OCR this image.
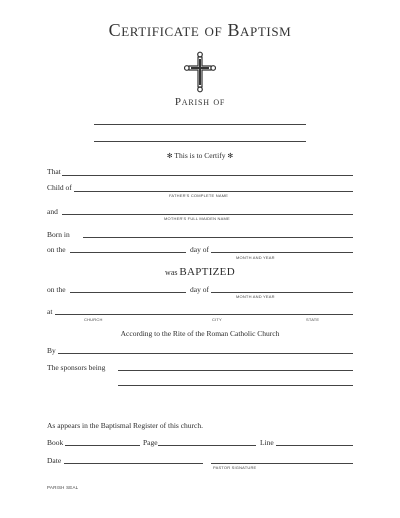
Certificate of Baptism
Parish of
✻ This is to Certify ✻
That
Child of
FATHER'S COMPLETE NAME
and
MOTHER'S FULL MAIDEN NAME
Born in
on the	day of
MONTH AND YEAR
was BAPTIZED
on the	day of
MONTH AND YEAR
at
CHURCH	CITY	STATE
According to the Rite of the Roman Catholic Church
By
The sponsors being
As appears in the Baptismal Register of this church.
Book	Page	Line
Date
PASTOR SIGNATURE
PARISH SEAL
